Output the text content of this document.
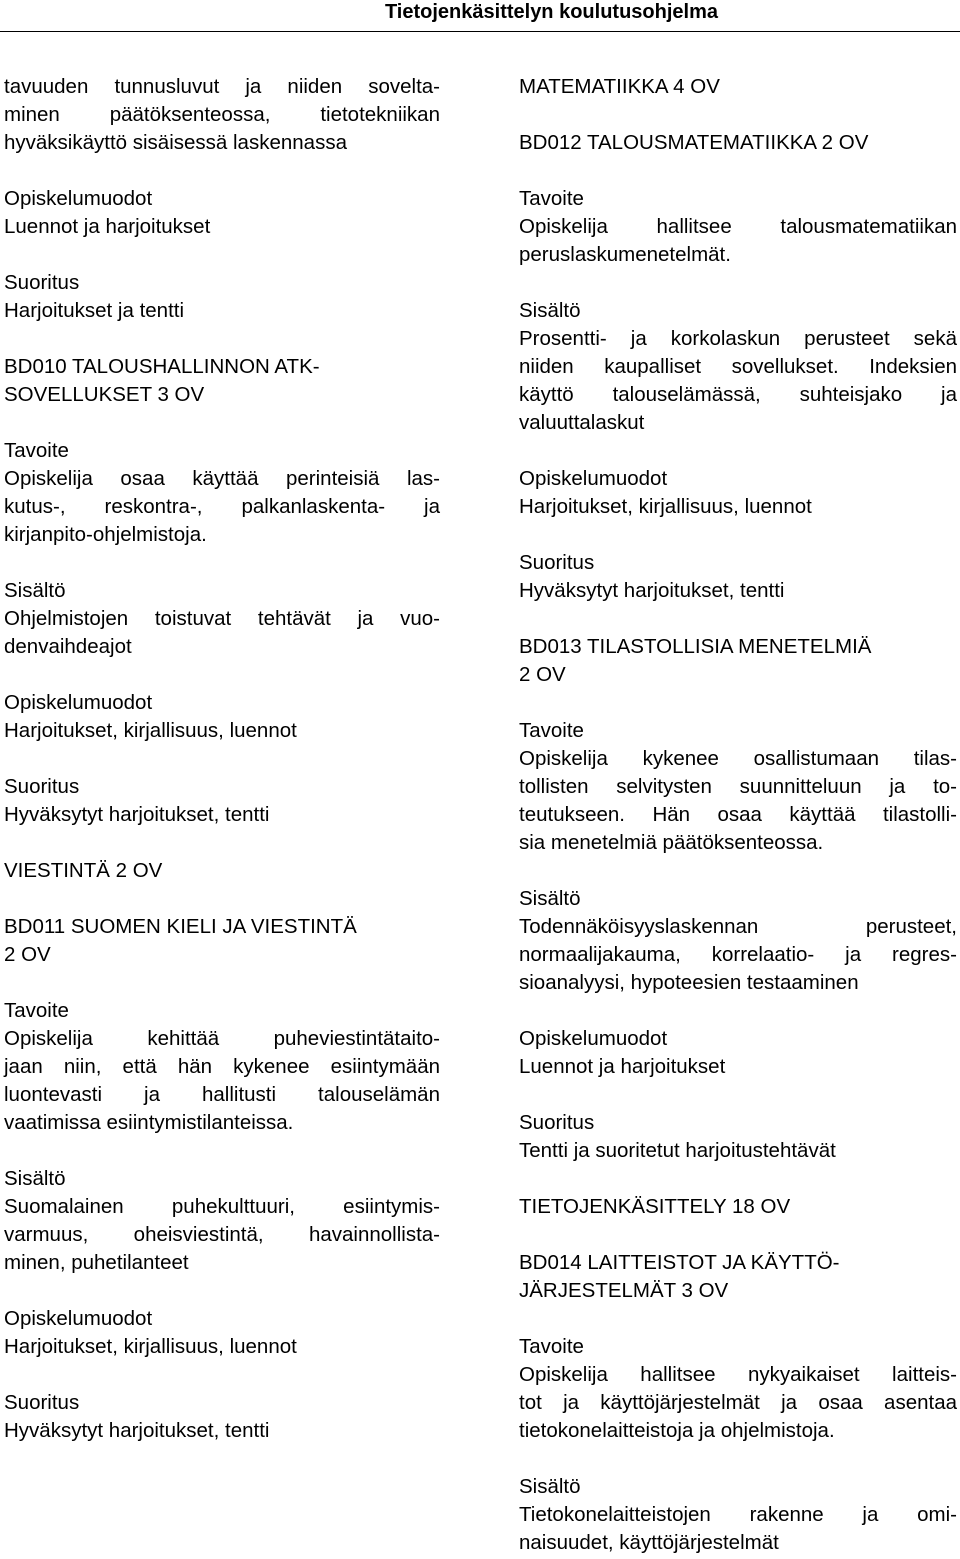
Tietojenkäsittelyn koulutusohjelma
tavuuden tunnusluvut ja niiden sovelta-
minen päätöksenteossa, tietotekniikan
hyväksikäyttö sisäisessä laskennassa
Opiskelumuodot
Luennot ja harjoitukset
Suoritus
Harjoitukset ja tentti
BD010 TALOUSHALLINNON ATK-
SOVELLUKSET 3 OV
Tavoite
Opiskelija osaa käyttää perinteisiä las-
kutus-, reskontra-, palkanlaskenta- ja
kirjanpito-ohjelmistoja.
Sisältö
Ohjelmistojen toistuvat tehtävät ja vuo-
denvaihdeajot
Opiskelumuodot
Harjoitukset, kirjallisuus, luennot
Suoritus
Hyväksytyt harjoitukset, tentti
VIESTINTÄ 2 OV
BD011 SUOMEN KIELI JA VIESTINTÄ
2 OV
Tavoite
Opiskelija kehittää puheviestintätaito-
jaan niin, että hän kykenee esiintymään
luontevasti ja hallitusti talouselämän
vaatimissa esiintymistilanteissa.
Sisältö
Suomalainen puhekulttuuri, esiintymis-
varmuus, oheisviestintä, havainnollista-
minen, puhetilanteet
Opiskelumuodot
Harjoitukset, kirjallisuus, luennot
Suoritus
Hyväksytyt harjoitukset, tentti
MATEMATIIKKA 4 OV
BD012 TALOUSMATEMATIIKKA 2 OV
Tavoite
Opiskelija hallitsee talousmatematiikan
peruslaskumenetelmät.
Sisältö
Prosentti- ja korkolaskun perusteet sekä
niiden kaupalliset sovellukset. Indeksien
käyttö talouselämässä, suhteisjako ja
valuuttalaskut
Opiskelumuodot
Harjoitukset, kirjallisuus, luennot
Suoritus
Hyväksytyt harjoitukset, tentti
BD013 TILASTOLLISIA MENETELMIÄ
2 OV
Tavoite
Opiskelija kykenee osallistumaan tilas-
tollisten selvitysten suunnitteluun ja to-
teutukseen. Hän osaa käyttää tilastolli-
sia menetelmiä päätöksenteossa.
Sisältö
Todennäköisyyslaskennan perusteet,
normaalijakauma, korrelaatio- ja regres-
sioanalyysi, hypoteesien testaaminen
Opiskelumuodot
Luennot ja harjoitukset
Suoritus
Tentti ja suoritetut harjoitustehtävät
TIETOJENKÄSITTELY 18 OV
BD014 LAITTEISTOT JA KÄYTTÖ-
JÄRJESTELMÄT 3 OV
Tavoite
Opiskelija hallitsee nykyaikaiset laitteis-
tot ja käyttöjärjestelmät ja osaa asentaa
tietokonelaitteistoja ja ohjelmistoja.
Sisältö
Tietokonelaitteistojen rakenne ja omi-
naisuudet, käyttöjärjestelmät
